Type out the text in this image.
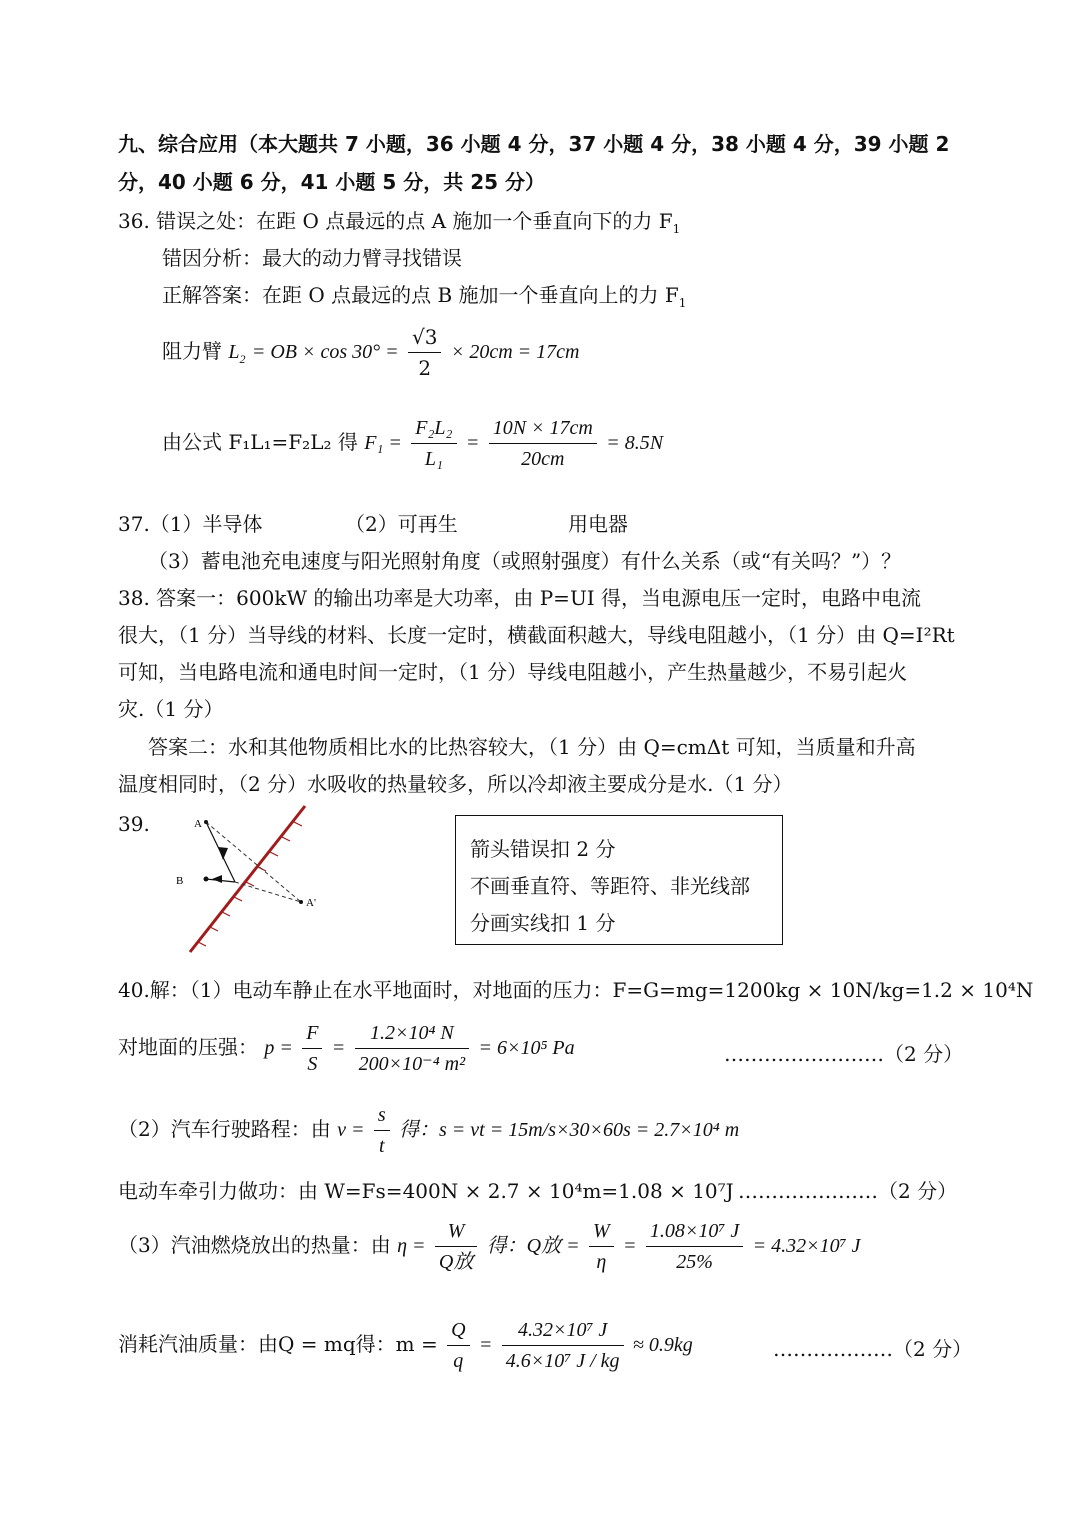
九、综合应用（本大题共 7 小题，36 小题 4 分，37 小题 4 分，38 小题 4 分，39 小题 2
分，40 小题 6 分，41 小题 5 分，共 25 分）
36. 错误之处：在距 O 点最远的点 A 施加一个垂直向下的力 $F_1$
错因分析：最大的动力臂寻找错误
正解答案：在距 O 点最远的点 B 施加一个垂直向上的力 $F_1$
阻力臂 $L_2$ = OB × $\cos 30^\circ = \frac{√3}{2} \times 20cm = 17cm$
由公式 F₁L₁=F₂L₂ 得 $F_1 = \frac{\text{F₂L₂}}{\text{L₁}} = \frac{10N \times 17cm}{20cm} = 8.5N$
37.（1）半导体	（2）可再生	用电器
（3）蓄电池充电速度与阳光照射角度（或照射强度）有什么关系（或“有关吗？”）？
38. 答案一：600kW 的输出功率是大功率，由 P=UI 得，当电源电压一定时，电路中电流
很大，（1 分）当导线的材料、长度一定时，横截面积越大，导线电阻越小，（1 分）由 Q=I²Rt
可知，当电路电流和通电时间一定时，（1 分）导线电阻越小，产生热量越少，不易引起火
灾.（1 分）
答案二：水和其他物质相比水的比热容较大，（1 分）由 Q=cmΔt 可知，当质量和升高
温度相同时，（2 分）水吸收的热量较多，所以冷却液主要成分是水.（1 分）
39.	A
B
A'
箭头错误扣 2 分
不画垂直符、等距符、非光线部
分画实线扣 1 分
40.解：（1）电动车静止在水平地面时，对地面的压力：F=G=mg=1200kg × 10N/kg=1.2 × 10⁴N
对地面的压强： $p = \frac{F}{S} = \frac{\text{1.2×10⁴ N}}{\text{200×10⁻⁴ m²}} = 6\times 10^5$ Pa	……………………（2 分）
（2）汽车行驶路程：由 $\nu = \frac{s}{t}$ 得：s = νt = 15m/s×30×60s = 2.7×10⁴ m
电动车牵引力做功：由 W=Fs=400N × 2.7 × 10⁴m=1.08 × 10⁷J …………………（2 分）
（3）汽油燃烧放出的热量：由 $\eta = \frac{W}{\text{Q放}}$ 得：Q放 = $\frac{W}{\eta} = \frac{\text{1.08×10⁷ J}}{25\%} = 4.32\times 10^7$ J
消耗汽油质量：由Q = mq得：$m = \frac{Q}{q} = \frac{\text{4.32×10⁷ J}}{\text{4.6×10⁷ J / kg}} \approx 0.9kg$	………………（2 分）
